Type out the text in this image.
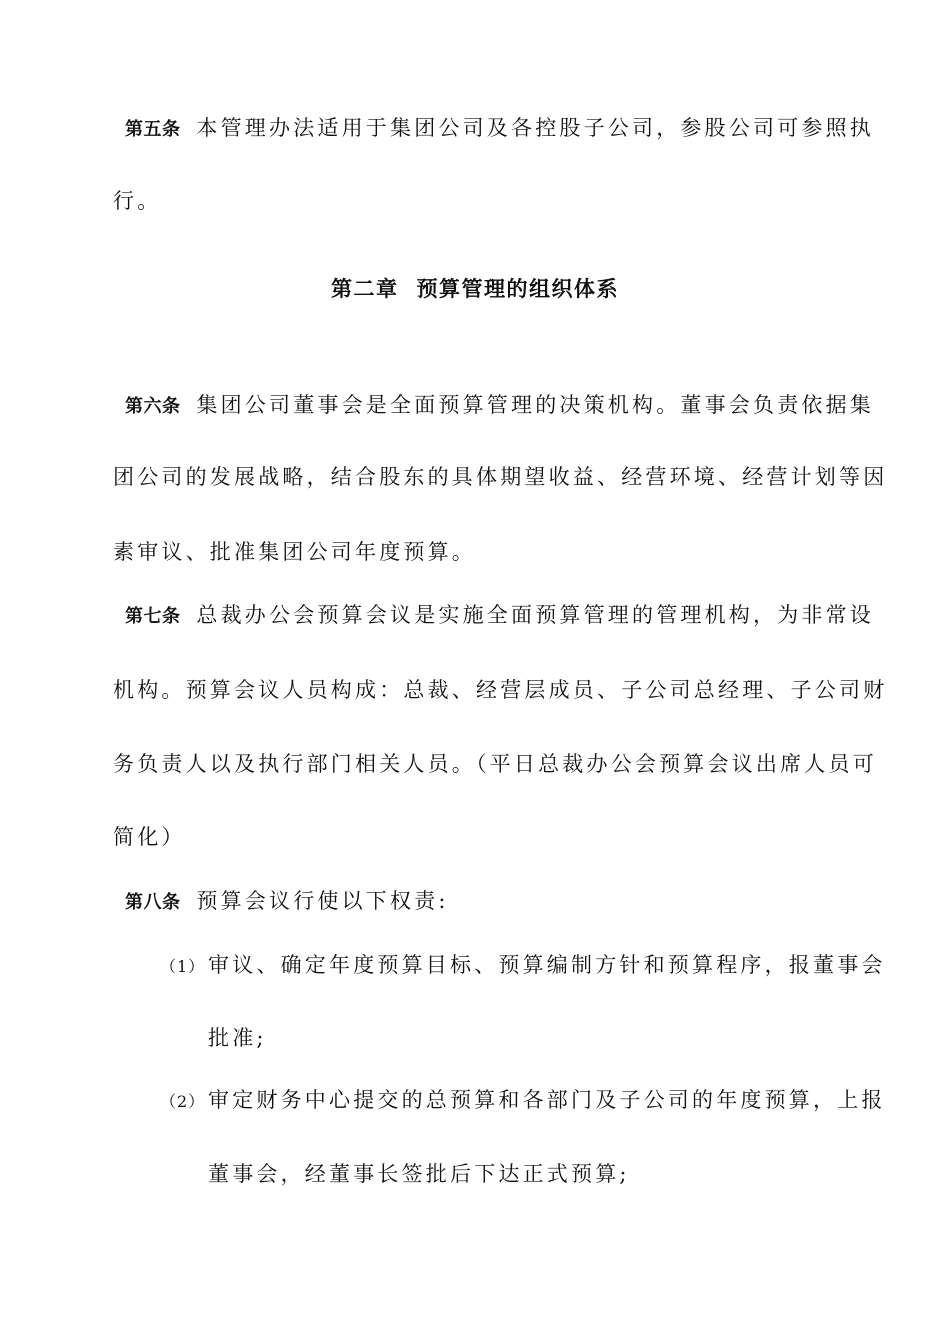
第五条 本管理办法适用于集团公司及各控股子公司，参股公司可参照执
行。
第二章 预算管理的组织体系
第六条 集团公司董事会是全面预算管理的决策机构。董事会负责依据集
团公司的发展战略，结合股东的具体期望收益、经营环境、经营计划等因
素审议、批准集团公司年度预算。
第七条 总裁办公会预算会议是实施全面预算管理的管理机构，为非常设
机构。预算会议人员构成：总裁、经营层成员、子公司总经理、子公司财
务负责人以及执行部门相关人员。（平日总裁办公会预算会议出席人员可
简化）
第八条 预算会议行使以下权责:
（1） 审议、确定年度预算目标、预算编制方针和预算程序，报董事会
批准;
（2） 审定财务中心提交的总预算和各部门及子公司的年度预算，上报
董事会，经董事长签批后下达正式预算;
